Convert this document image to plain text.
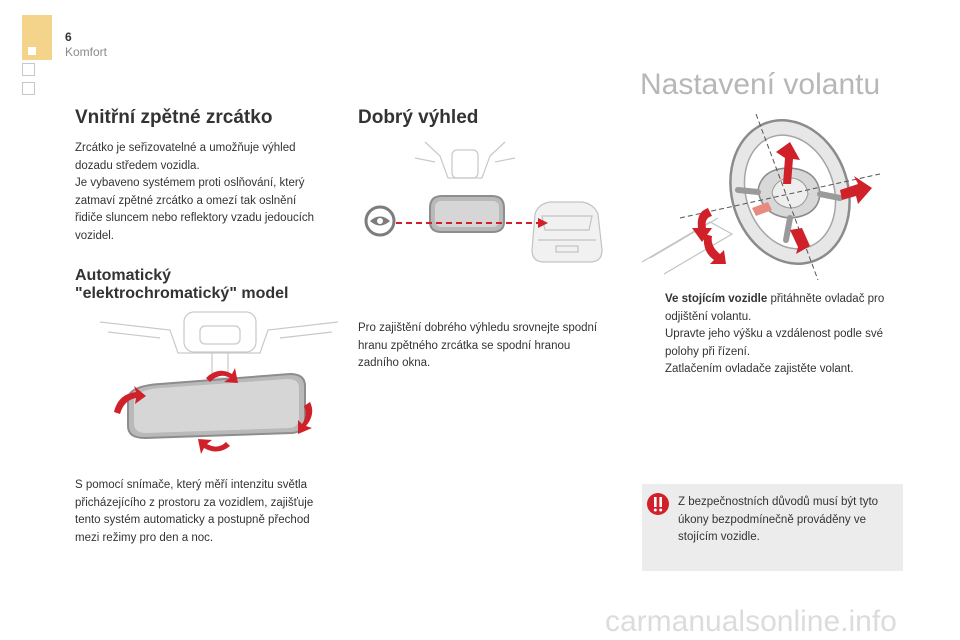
6
Komfort
Nastavení volantu
Vnitřní zpětné zrcátko
Zrcátko je seřizovatelné a umožňuje výhled
dozadu středem vozidla.
Je vybaveno systémem proti oslňování, který
zatmaví zpětné zrcátko a omezí tak oslnění
řidiče sluncem nebo reflektory vzadu jedoucích
vozidel.
Automatický
"elektrochromatický" model
S pomocí snímače, který měří intenzitu světla
přicházejícího z prostoru za vozidlem, zajišťuje
tento systém automaticky a postupně přechod
mezi režimy pro den a noc.
Dobrý výhled
Pro zajištění dobrého výhledu srovnejte spodní
hranu zpětného zrcátka se spodní hranou
zadního okna.
Ve stojícím vozidle přitáhněte ovladač pro odjištění volantu.
Upravte jeho výšku a vzdálenost podle své polohy při řízení.
Zatlačením ovladače zajistěte volant.
Z bezpečnostních důvodů musí být tyto
úkony bezpodmínečně prováděny ve
stojícím vozidle.
carmanualsonline.info
